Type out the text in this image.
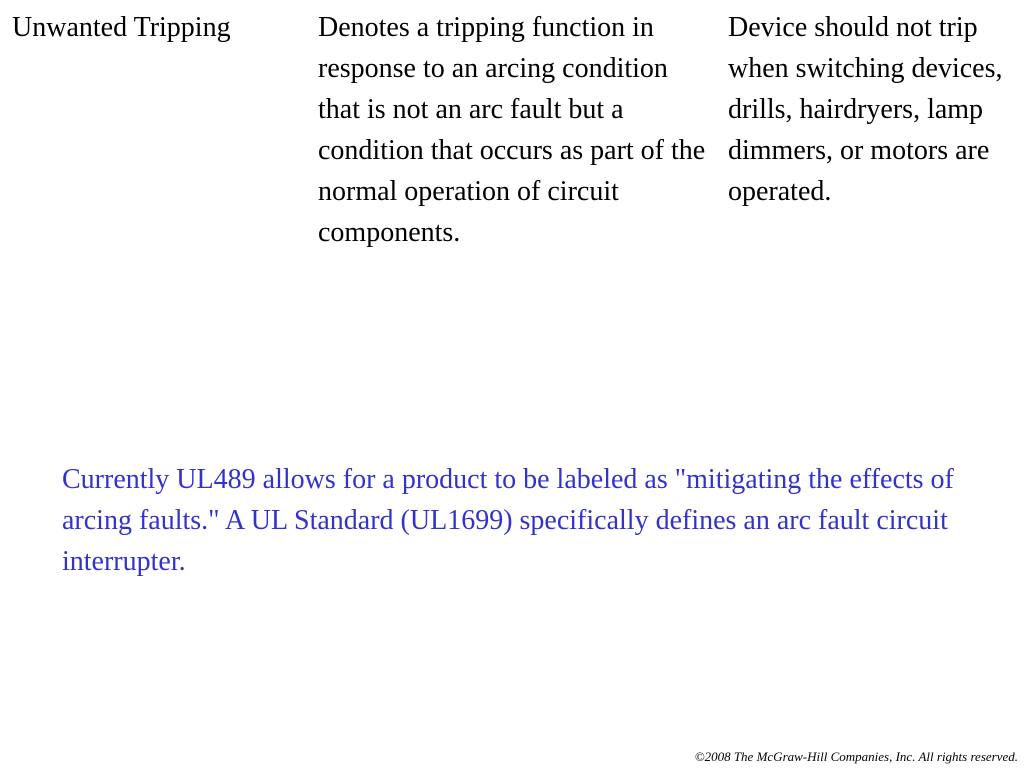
Unwanted Tripping	Denotes a tripping function in response to an arcing condition that is not an arc fault but a condition that occurs as part of the normal operation of circuit components.

Device should not trip when switching devices, drills, hairdryers, lamp dimmers, or motors are operated.

Currently UL489 allows for a product to be labeled as "mitigating the effects of arcing faults." A UL Standard (UL1699) specifically defines an arc fault circuit interrupter.

©2008 The McGraw-Hill Companies, Inc. All rights reserved.
